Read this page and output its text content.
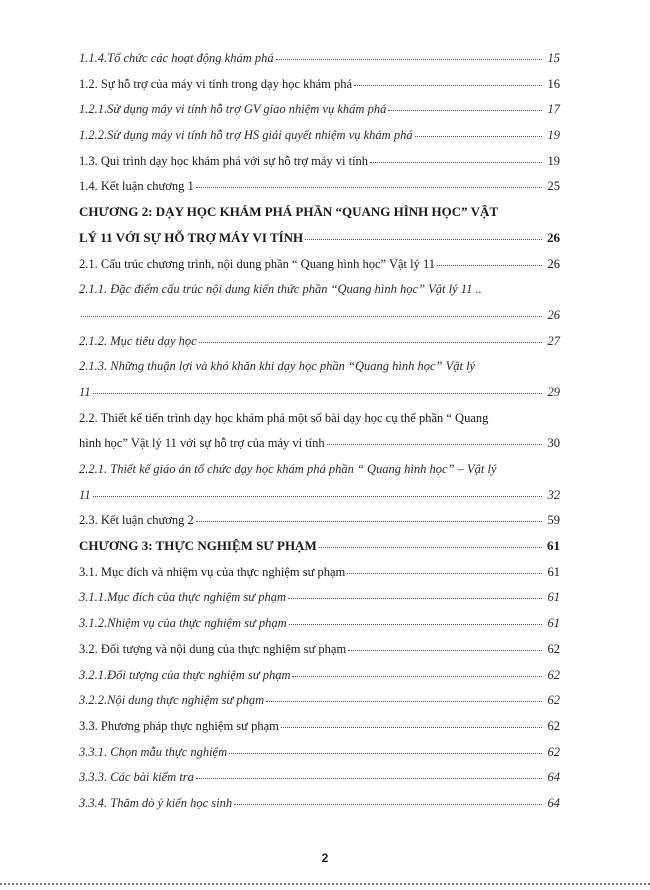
1.1.4.Tổ chức các hoạt động khám phá	15
1.2. Sự hỗ trợ của máy vi tính trong dạy học khám phá	16
1.2.1.Sử dụng máy vi tính hỗ trợ GV giao nhiệm vụ khám phá	17
1.2.2.Sử dụng máy vi tính hỗ trợ HS giải quyết nhiệm vụ khám phá	19
1.3. Qui trình dạy học khám phá với sự hỗ trợ máy vi tính	19
1.4. Kết luận chương 1	25
CHƯƠNG 2: DẠY HỌC KHÁM PHÁ PHẦN “QUANG HÌNH HỌC” VẬT
LÝ 11 VỚI SỰ HỖ TRỢ MÁY VI TÍNH	26
2.1. Cấu trúc chương trình, nội dung phần “ Quang hình học” Vật lý 11	26
2.1.1. Đặc điểm cấu trúc nội dung kiến thức phần “Quang hình học” Vật lý 11 ..
26
2.1.2. Mục tiêu dạy học	27
2.1.3. Những thuận lợi và khó khăn khi dạy học phần “Quang hình học” Vật lý
11	29
2.2. Thiết kế tiến trình dạy học khám phá một số bài dạy học cụ thể phần “ Quang
hình học” Vật lý 11 với sự hỗ trợ của máy vi tính	30
2.2.1. Thiết kế giáo án tổ chức dạy học khám phá phần “ Quang hình học” – Vật lý
11	32
2.3. Kết luận chương 2	59
CHƯƠNG 3: THỰC NGHIỆM SƯ PHẠM	61
3.1. Mục đích và nhiệm vụ của thực nghiệm sư phạm	61
3.1.1.Mục đích của thực nghiệm sư phạm	61
3.1.2.Nhiệm vụ của thực nghiệm sư phạm	61
3.2. Đối tượng và nội dung của thực nghiệm sư phạm	62
3.2.1.Đối tượng của thực nghiệm sư phạm	62
3.2.2.Nội dung thực nghiệm sư phạm	62
3.3. Phương pháp thực nghiệm sư phạm	62
3.3.1. Chọn mẫu thực nghiệm	62
3.3.3. Các bài kiểm tra	64
3.3.4. Thăm dò ý kiến học sinh	64
2
